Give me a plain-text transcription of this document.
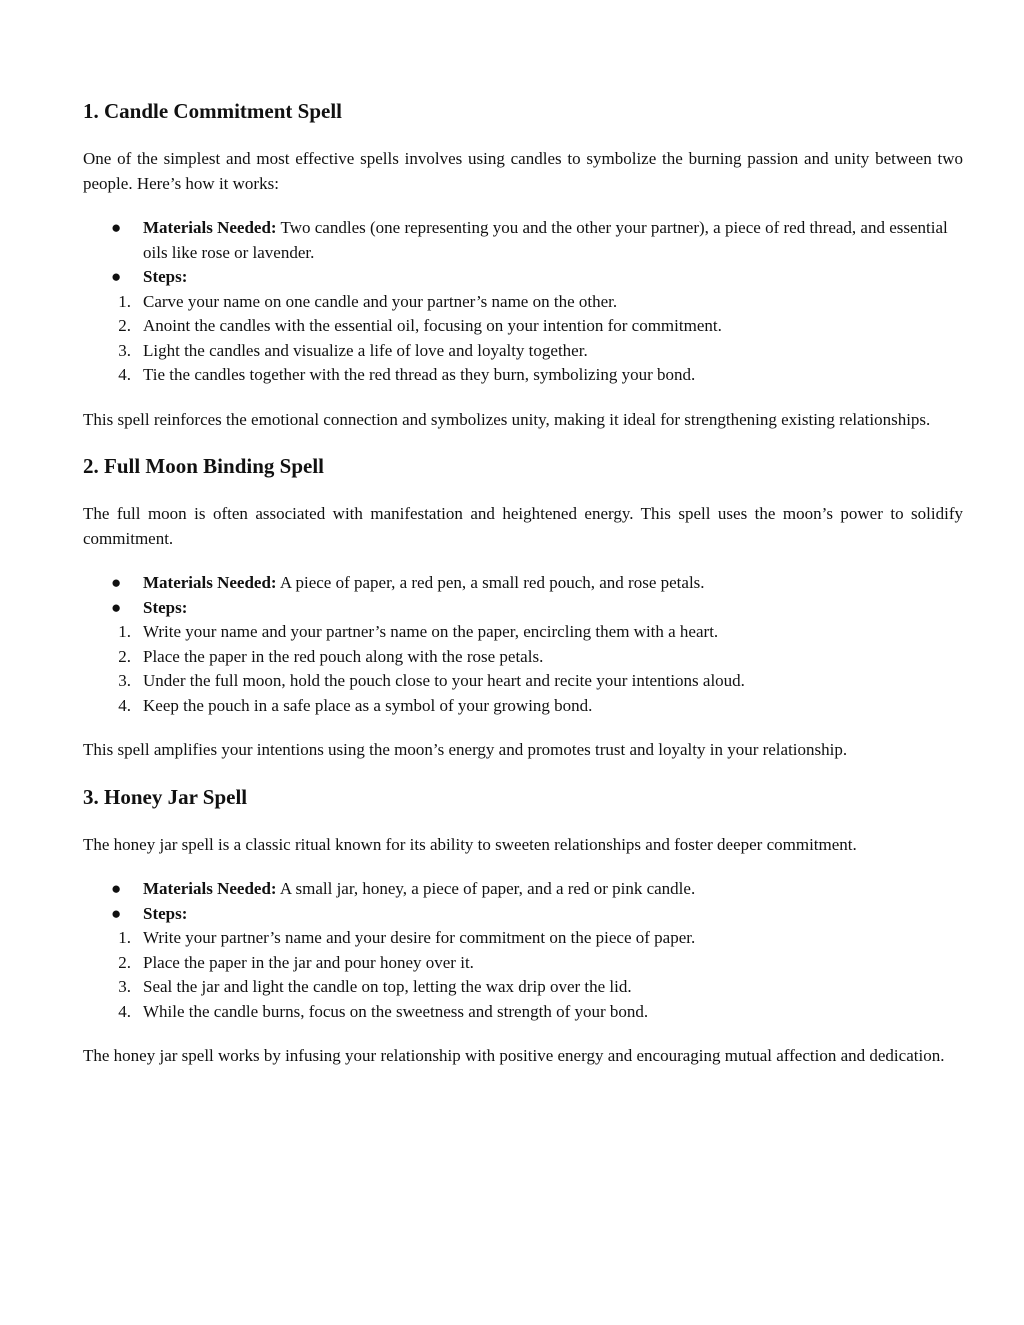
1. Candle Commitment Spell

One of the simplest and most effective spells involves using candles to symbolize the burning passion and unity between two people. Here’s how it works:

● Materials Needed: Two candles (one representing you and the other your partner), a piece of red thread, and essential oils like rose or lavender.
● Steps:
1. Carve your name on one candle and your partner’s name on the other.
2. Anoint the candles with the essential oil, focusing on your intention for commitment.
3. Light the candles and visualize a life of love and loyalty together.
4. Tie the candles together with the red thread as they burn, symbolizing your bond.

This spell reinforces the emotional connection and symbolizes unity, making it ideal for strengthening existing relationships.

2. Full Moon Binding Spell

The full moon is often associated with manifestation and heightened energy. This spell uses the moon’s power to solidify commitment.

● Materials Needed: A piece of paper, a red pen, a small red pouch, and rose petals.
● Steps:
1. Write your name and your partner’s name on the paper, encircling them with a heart.
2. Place the paper in the red pouch along with the rose petals.
3. Under the full moon, hold the pouch close to your heart and recite your intentions aloud.
4. Keep the pouch in a safe place as a symbol of your growing bond.

This spell amplifies your intentions using the moon’s energy and promotes trust and loyalty in your relationship.

3. Honey Jar Spell

The honey jar spell is a classic ritual known for its ability to sweeten relationships and foster deeper commitment.

● Materials Needed: A small jar, honey, a piece of paper, and a red or pink candle.
● Steps:
1. Write your partner’s name and your desire for commitment on the piece of paper.
2. Place the paper in the jar and pour honey over it.
3. Seal the jar and light the candle on top, letting the wax drip over the lid.
4. While the candle burns, focus on the sweetness and strength of your bond.

The honey jar spell works by infusing your relationship with positive energy and encouraging mutual affection and dedication.
